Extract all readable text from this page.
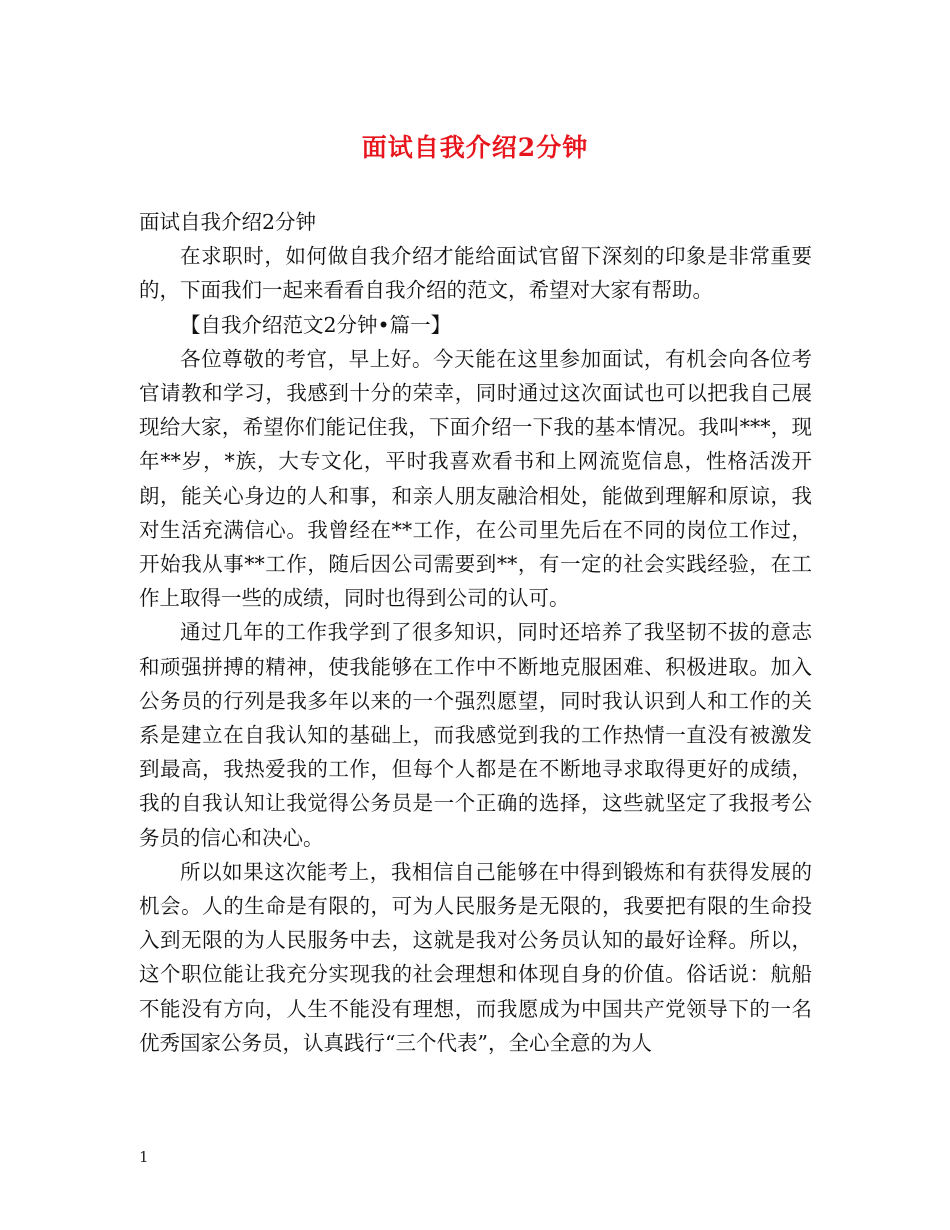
面试自我介绍2分钟

面试自我介绍2分钟

在求职时，如何做自我介绍才能给面试官留下深刻的印象是非常重要的，下面我们一起来看看自我介绍的范文，希望对大家有帮助。

【自我介绍范文2分钟•篇一】

各位尊敬的考官，早上好。今天能在这里参加面试，有机会向各位考官请教和学习，我感到十分的荣幸，同时通过这次面试也可以把我自己展现给大家，希望你们能记住我，下面介绍一下我的基本情况。我叫***，现年**岁，*族，大专文化，平时我喜欢看书和上网流览信息，性格活泼开朗，能关心身边的人和事，和亲人朋友融洽相处，能做到理解和原谅，我对生活充满信心。我曾经在**工作，在公司里先后在不同的岗位工作过，开始我从事**工作，随后因公司需要到**，有一定的社会实践经验，在工作上取得一些的成绩，同时也得到公司的认可。

通过几年的工作我学到了很多知识，同时还培养了我坚韧不拔的意志和顽强拼搏的精神，使我能够在工作中不断地克服困难、积极进取。加入公务员的行列是我多年以来的一个强烈愿望，同时我认识到人和工作的关系是建立在自我认知的基础上，而我感觉到我的工作热情一直没有被激发到最高，我热爱我的工作，但每个人都是在不断地寻求取得更好的成绩，我的自我认知让我觉得公务员是一个正确的选择，这些就坚定了我报考公务员的信心和决心。

所以如果这次能考上，我相信自己能够在中得到锻炼和有获得发展的机会。人的生命是有限的，可为人民服务是无限的，我要把有限的生命投入到无限的为人民服务中去，这就是我对公务员认知的最好诠释。所以，这个职位能让我充分实现我的社会理想和体现自身的价值。俗话说：航船不能没有方向，人生不能没有理想，而我愿成为中国共产党领导下的一名优秀国家公务员，认真践行“三个代表”，全心全意的为人

1
